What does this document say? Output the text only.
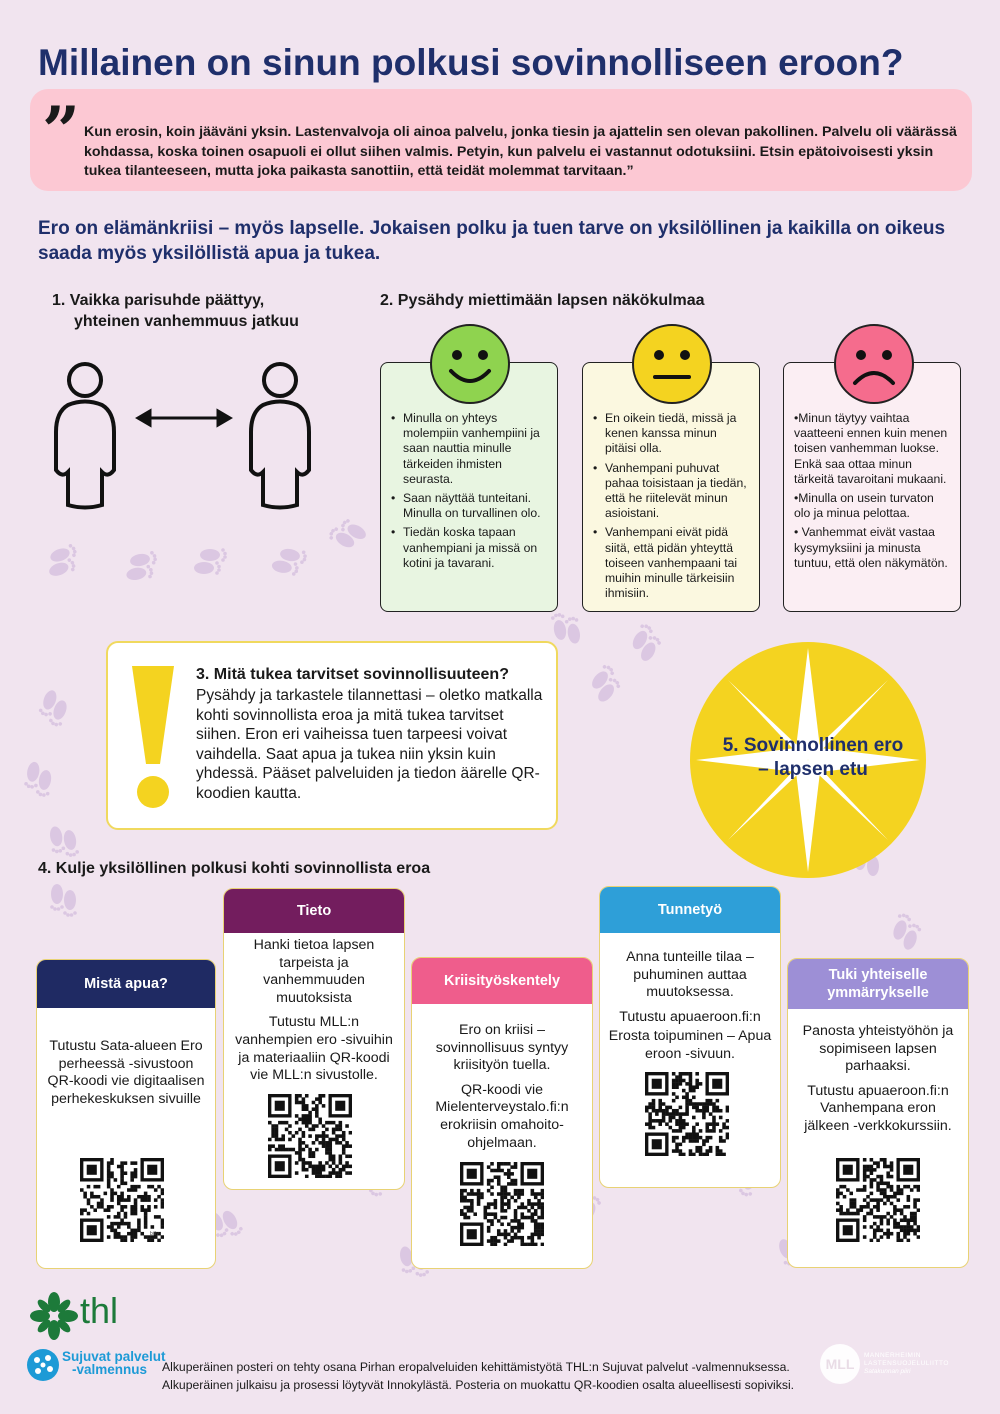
Millainen on sinun polkusi sovinnolliseen eroon?
” Kun erosin, koin jääväni yksin. Lastenvalvoja oli ainoa palvelu, jonka tiesin ja ajattelin sen olevan pakollinen. Palvelu oli väärässä kohdassa, koska toinen osapuoli ei ollut siihen valmis. Petyin, kun palvelu ei vastannut odotuksiini. Etsin epätoivoisesti yksin tukea tilanteeseen, mutta joka paikasta sanottiin, että teidät molemmat tarvitaan.”
Ero on elämänkriisi – myös lapselle. Jokaisen polku ja tuen tarve on yksilöllinen ja kaikilla on oikeus saada myös yksilöllistä apua ja tukea.
1. Vaikka parisuhde päättyy,
yhteinen vanhemmuus jatkuu
2. Pysähdy miettimään lapsen näkökulmaa
• Minulla on yhteys molempiin vanhempiini ja saan nauttia minulle tärkeiden ihmisten seurasta.
• Saan näyttää tunteitani. Minulla on turvallinen olo.
• Tiedän koska tapaan vanhempiani ja missä on kotini ja tavarani.
• En oikein tiedä, missä ja kenen kanssa minun pitäisi olla.
• Vanhempani puhuvat pahaa toisistaan ja tiedän, että he riitelevät minun asioistani.
• Vanhempani eivät pidä siitä, että pidän yhteyttä toiseen vanhempaani tai muihin minulle tärkeisiin ihmisiin.
•Minun täytyy vaihtaa vaatteeni ennen kuin menen toisen vanhemman luokse. Enkä saa ottaa minun tärkeitä tavaroitani mukaani.
•Minulla on usein turvaton olo ja minua pelottaa.
• Vanhemmat eivät vastaa kysymyksiini ja minusta tuntuu, että olen näkymätön.
3. Mitä tukea tarvitset sovinnollisuuteen?
Pysähdy ja tarkastele tilannettasi – oletko matkalla kohti sovinnollista eroa ja mitä tukea tarvitset siihen. Eron eri vaiheissa tuen tarpeesi voivat vaihdella. Saat apua ja tukea niin yksin kuin yhdessä. Pääset palveluiden ja tiedon äärelle QR-koodien kautta.
5. Sovinnollinen ero
– lapsen etu
4. Kulje yksilöllinen polkusi kohti sovinnollista eroa
Mistä apua?

Tutustu Sata-alueen Ero perheessä -sivustoon QR-koodi vie digitaalisen perhekeskuksen sivuille

Tieto

Hanki tietoa lapsen tarpeista ja vanhemmuuden muutoksista

Tutustu MLL:n vanhempien ero -sivuihin ja materiaaliin QR-koodi vie MLL:n sivustolle.

Kriisityöskentely

Ero on kriisi – sovinnollisuus syntyy kriisityön tuella.

QR-koodi vie Mielenterveystalo.fi:n erokriisin omahoito-ohjelmaan.

Tunnetyö

Anna tunteille tilaa – puhuminen auttaa muutoksessa.

Tutustu apuaeroon.fi:n

Erosta toipuminen – Apua eroon -sivuun.

Tuki yhteiselle ymmärrykselle

Panosta yhteistyöhön ja sopimiseen lapsen parhaaksi.

Tutustu apuaeroon.fi:n Vanhempana eron jälkeen -verkkokurssiin.

bitly
thl
Sujuvat palvelut
-valmennus	Alkuperäinen posteri on tehty osana Pirhan eropalveluiden kehittämistyötä THL:n Sujuvat palvelut -valmennuksessa.
Alkuperäinen julkaisu ja prosessi löytyvät Innokylästä. Posteria on muokattu QR-koodien osalta alueellisesti sopiviksi.
MLL
MANNERHEIMIN
LASTENSUOJELULIITTO
Satakunnan piiri
